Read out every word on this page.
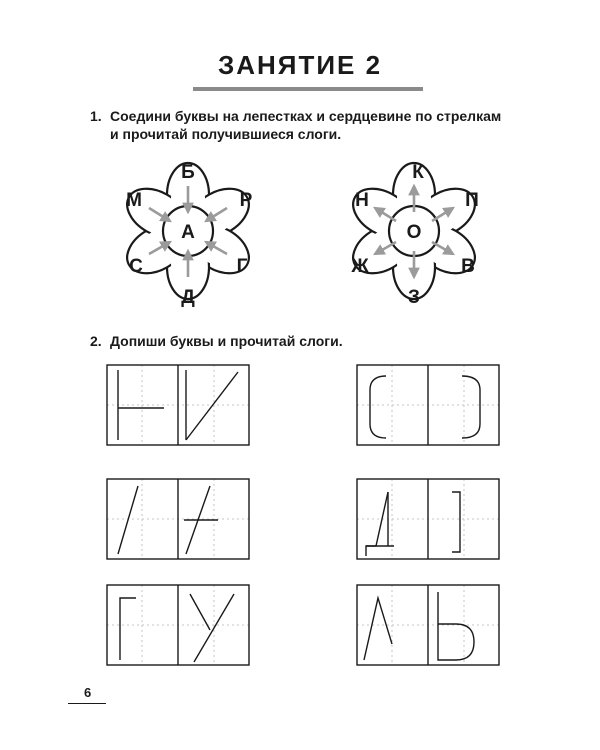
ЗАНЯТИЕ 2
1. Соедини буквы на лепестках и сердцевине по стрелкам
и прочитай получившиеся слоги.
А
Б
Р
Г
Д
С
М
О
К
П
В
З
Ж
Н
2. Допиши буквы и прочитай слоги.
6
